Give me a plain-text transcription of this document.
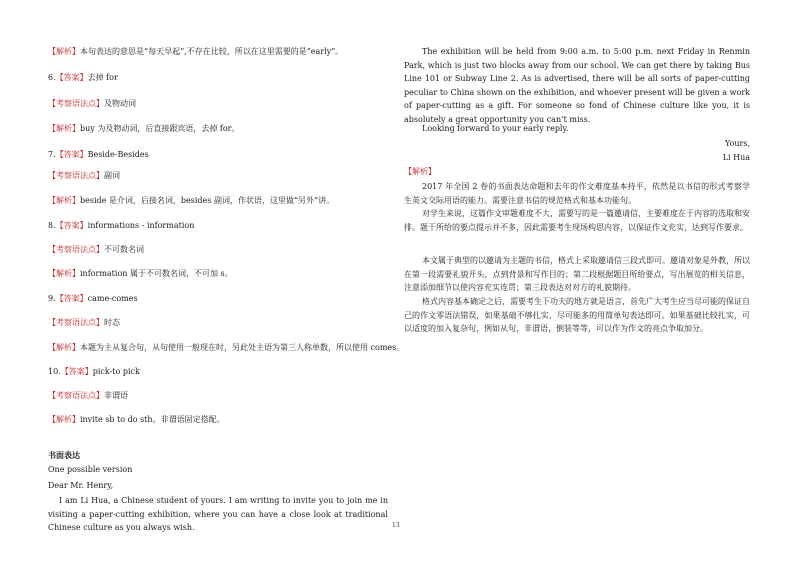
【解析】本句表达的意思是“每天早起”,不存在比较，所以在这里需要的是“early”。
6.【答案】去掉 for
【考察语法点】及物动词
【解析】buy 为及物动词，后直接跟宾语，去掉 for。
7.【答案】Beside-Besides
【考察语法点】副词
【解析】beside 是介词，后接名词，besides 副词，作状语，这里做“另外”讲。
8.【答案】informations - information
【考察语法点】不可数名词
【解析】information 属于不可数名词，不可加 s。
9.【答案】came-comes
【考察语法点】时态
【解析】本题为主从复合句，从句使用一般现在时，另此处主语为第三人称单数，所以使用 comes。
10.【答案】pick-to pick
【考察语法点】非谓语
【解析】invite sb to do sth。非谓语固定搭配。
书面表达
One possible version
Dear Mr. Henry,
I am Li Hua, a Chinese student of yours. I am writing to invite you to join me in visiting a paper-cutting exhibition, where you can have a close look at traditional Chinese culture as you always wish.
The exhibition will be held from 9:00 a.m. to 5:00 p.m. next Friday in Renmin Park, which is just two blocks away from our school. We can get there by taking Bus Line 101 or Subway Line 2. As is advertised, there will be all sorts of paper-cutting peculiar to China shown on the exhibition, and whoever present will be given a work of paper-cutting as a gift. For someone so fond of Chinese culture like you, it is absolutely a great opportunity you can’t miss.
Looking forward to your early reply.
Yours,
Li Hua
【解析】
2017 年全国 2 卷的书面表达命题和去年的作文难度基本持平，依然是以书信的形式考察学生英文交际用语的能力。需要注意书信的规范格式和基本功能句。
对学生来说，这篇作文审题难度不大，需要写的是一篇邀请信，主要难度在于内容的选取和安排。题干所给的要点提示并不多，因此需要考生现场构思内容，以保证作文充实，达到写作要求。
本文属于典型的以邀请为主题的书信，格式上采取邀请信三段式即可。邀请对象是外教，所以在第一段需要礼貌开头，点到背景和写作目的；第二段根据题目所给要点，写出展览的相关信息，注意添加细节以使内容充实连贯；第三段表达对对方的礼貌期待。
格式内容基本确定之后，需要考生下功夫的地方就是语言，首先广大考生应当尽可能的保证自己的作文零语法错误，如果基础不够扎实，尽可能多的用简单句表达即可。如果基础比较扎实，可以适度的加入复杂句，例如从句，非谓语，倒装等等，可以作为作文的亮点争取加分。
13
